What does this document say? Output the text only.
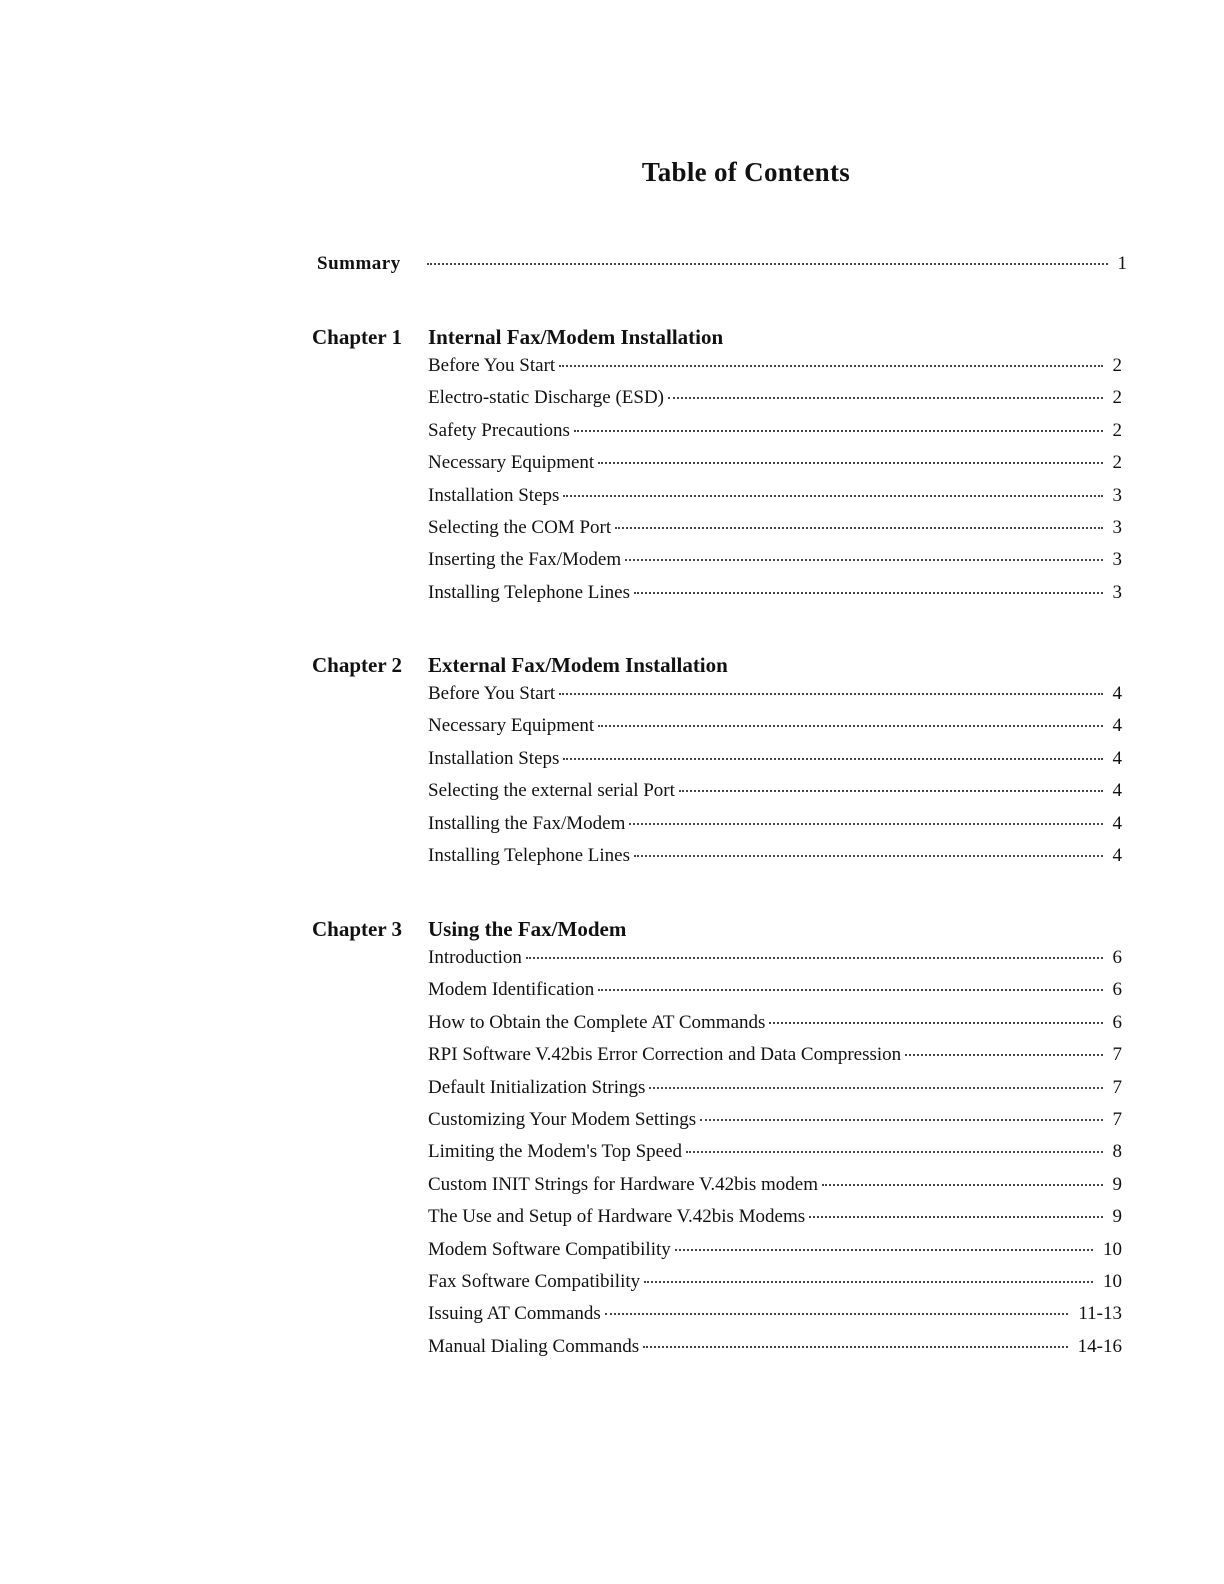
Table of Contents
Summary	1
Chapter 1	Internal Fax/Modem Installation
Before You Start	2
Electro-static Discharge (ESD)	2
Safety Precautions	2
Necessary Equipment	2
Installation Steps	3
Selecting the COM Port	3
Inserting the Fax/Modem	3
Installing Telephone Lines	3
Chapter 2	External Fax/Modem Installation
Before You Start	4
Necessary Equipment	4
Installation Steps	4
Selecting the external serial Port	4
Installing the Fax/Modem	4
Installing Telephone Lines	4
Chapter 3	Using the Fax/Modem
Introduction	6
Modem Identification	6
How to Obtain the Complete AT Commands	6
RPI Software V.42bis Error Correction and Data Compression	7
Default Initialization Strings	7
Customizing Your Modem Settings	7
Limiting the Modem's Top Speed	8
Custom INIT Strings for Hardware V.42bis modem	9
The Use and Setup of Hardware V.42bis Modems	9
Modem Software Compatibility	10
Fax Software Compatibility	10
Issuing AT Commands	11-13
Manual Dialing Commands	14-16
